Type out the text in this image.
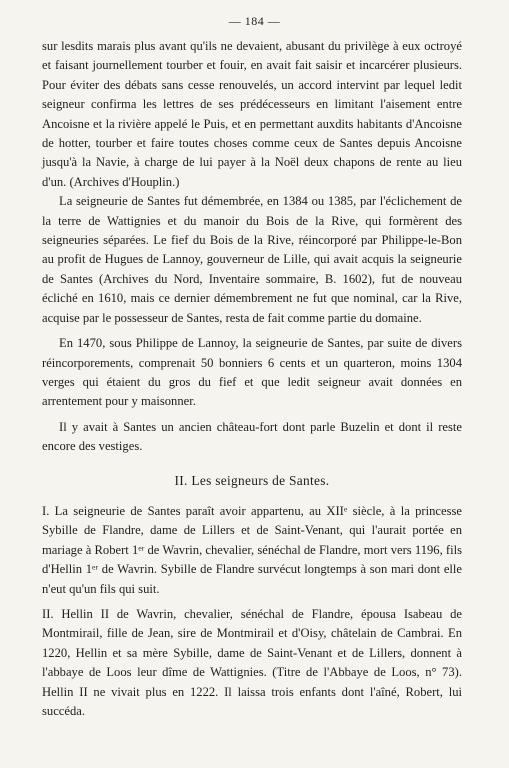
— 184 —

sur lesdits marais plus avant qu'ils ne devaient, abusant du privilège à eux octroyé et faisant journellement tourber et fouir, en avait fait saisir et incarcérer plusieurs. Pour éviter des débats sans cesse renouvelés, un accord intervint par lequel ledit seigneur confirma les lettres de ses prédécesseurs en limitant l'aisement entre Ancoisne et la rivière appelé le Puis, et en permettant auxdits habitants d'Ancoisne de hotter, tourber et faire toutes choses comme ceux de Santes depuis Ancoisne jusqu'à la Navie, à charge de lui payer à la Noël deux chapons de rente au lieu d'un. (Archives d'Houplin.)

La seigneurie de Santes fut démembrée, en 1384 ou 1385, par l'éclichement de la terre de Wattignies et du manoir du Bois de la Rive, qui formèrent des seigneuries séparées. Le fief du Bois de la Rive, réincorporé par Philippe-le-Bon au profit de Hugues de Lannoy, gouverneur de Lille, qui avait acquis la seigneurie de Santes (Archives du Nord, Inventaire sommaire, B. 1602), fut de nouveau écliché en 1610, mais ce dernier démembrement ne fut que nominal, car la Rive, acquise par le possesseur de Santes, resta de fait comme partie du domaine.

En 1470, sous Philippe de Lannoy, la seigneurie de Santes, par suite de divers réincorporements, comprenait 50 bonniers 6 cents et un quarteron, moins 1304 verges qui étaient du gros du fief et que ledit seigneur avait données en arrentement pour y maisonner.

Il y avait à Santes un ancien château-fort dont parle Buzelin et dont il reste encore des vestiges.

II. Les seigneurs de Santes.

I. La seigneurie de Santes paraît avoir appartenu, au XIIe siècle, à la princesse Sybille de Flandre, dame de Lillers et de Saint-Venant, qui l'aurait portée en mariage à Robert 1er de Wavrin, chevalier, sénéchal de Flandre, mort vers 1196, fils d'Hellin 1er de Wavrin. Sybille de Flandre survécut longtemps à son mari dont elle n'eut qu'un fils qui suit.

II. Hellin II de Wavrin, chevalier, sénéchal de Flandre, épousa Isabeau de Montmirail, fille de Jean, sire de Montmirail et d'Oisy, châtelain de Cambrai. En 1220, Hellin et sa mère Sybille, dame de Saint-Venant et de Lillers, donnent à l'abbaye de Loos leur dîme de Wattignies. (Titre de l'Abbaye de Loos, n° 73). Hellin II ne vivait plus en 1222. Il laissa trois enfants dont l'aîné, Robert, lui succéda.
